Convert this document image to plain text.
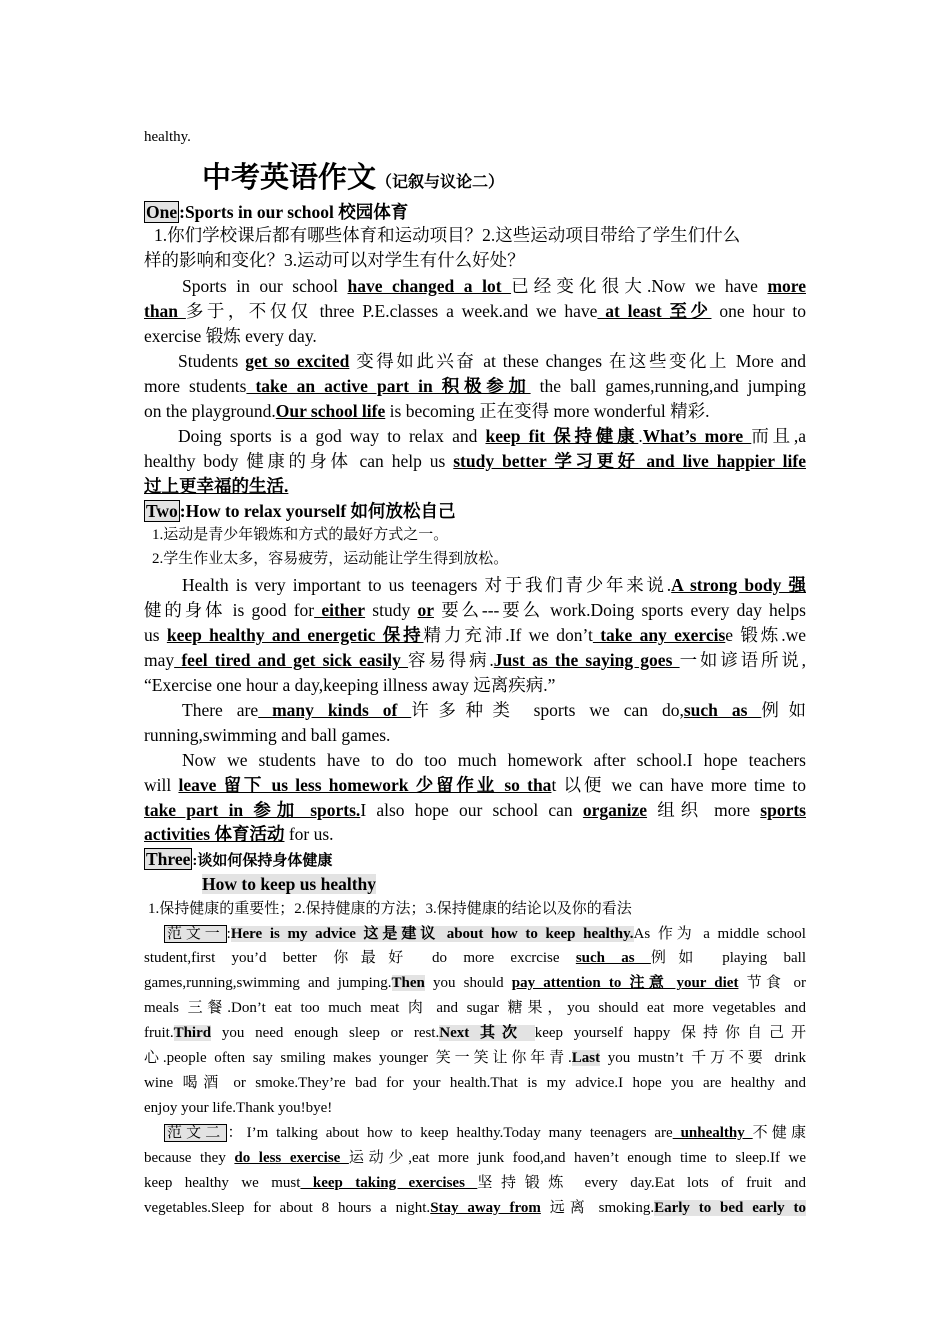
healthy.
中考英语作文（记叙与议论二）
One :Sports in our school 校园体育
1.你们学校课后都有哪些体育和运动项目？2.这些运动项目带给了学生们什么
样的影响和变化？3.运动可以对学生有什么好处？
Sports in our school have changed a lot 已经变化很大.Now we have more
than 多于，不仅仅 three P.E.classes a week.and we have at least 至少 one hour to
exercise 锻炼 every day.
Students get so excited 变得如此兴奋 at these changes 在这些变化上 More and
more students take an active part in 积极参加 the ball games,running,and jumping
on the playground.Our school life is becoming 正在变得 more wonderful 精彩.
Doing sports is a god way to relax and keep fit 保持健康.What’s more 而且,a
healthy body 健康的身体 can help us study better 学习更好 and live happier life
过上更幸福的生活.
Two :How to relax yourself 如何放松自己
1.运动是青少年锻炼和方式的最好方式之一。
2.学生作业太多，容易疲劳，运动能让学生得到放松。
Health is very important to us teenagers 对于我们青少年来说.A strong body 强
健的身体 is good for either study or 要么---要么 work.Doing sports every day helps
us keep healthy and energetic 保持精力充沛.If we don’t take any exercise 锻炼.we
may feel tired and get sick easily 容易得病.Just as the saying goes 一如谚语所说,
“Exercise one hour a day,keeping illness away 远离疾病.”
There are many kinds of 许多种类 sports we can do,such as 例如
running,swimming and ball games.
Now we students have to do too much homework after school.I hope teachers
will leave 留下 us less homework 少留作业 so that 以便 we can have more time to
take part in 参加 sports.I also hope our school can organize 组织 more sports
activities 体育活动 for us.
Three :谈如何保持身体健康
How to keep us healthy
1.保持健康的重要性；2.保持健康的方法；3.保持健康的结论以及你的看法
范文一 :Here is my advice 这是建议 about how to keep healthy.As 作为 a middle school
student,first you’d better 你最好 do more excrcise such as 例如 playing ball
games,running,swimming and jumping.Then you should pay attention to 注意 your diet 节食 or
meals 三餐.Don’t eat too much meat 肉 and sugar 糖果，you should eat more vegetables and
fruit.Third you need enough sleep or rest.Next 其次 keep yourself happy 保持你自己开
心.people often say smiling makes younger 笑一笑让你年青.Last you mustn’t 千万不要 drink
wine 喝酒 or smoke.They’re bad for your health.That is my advice.I hope you are healthy and
enjoy your life.Thank you!bye!
范文二 ：I’m talking about how to keep healthy.Today many teenagers are unhealthy 不健康
because they do less exercise 运动少,eat more junk food,and haven’t enough time to sleep.If we
keep healthy we must keep taking exercises 坚持锻炼 every day.Eat lots of fruit and
vegetables.Sleep for about 8 hours a night.Stay away from 远离 smoking.Early to bed early to
